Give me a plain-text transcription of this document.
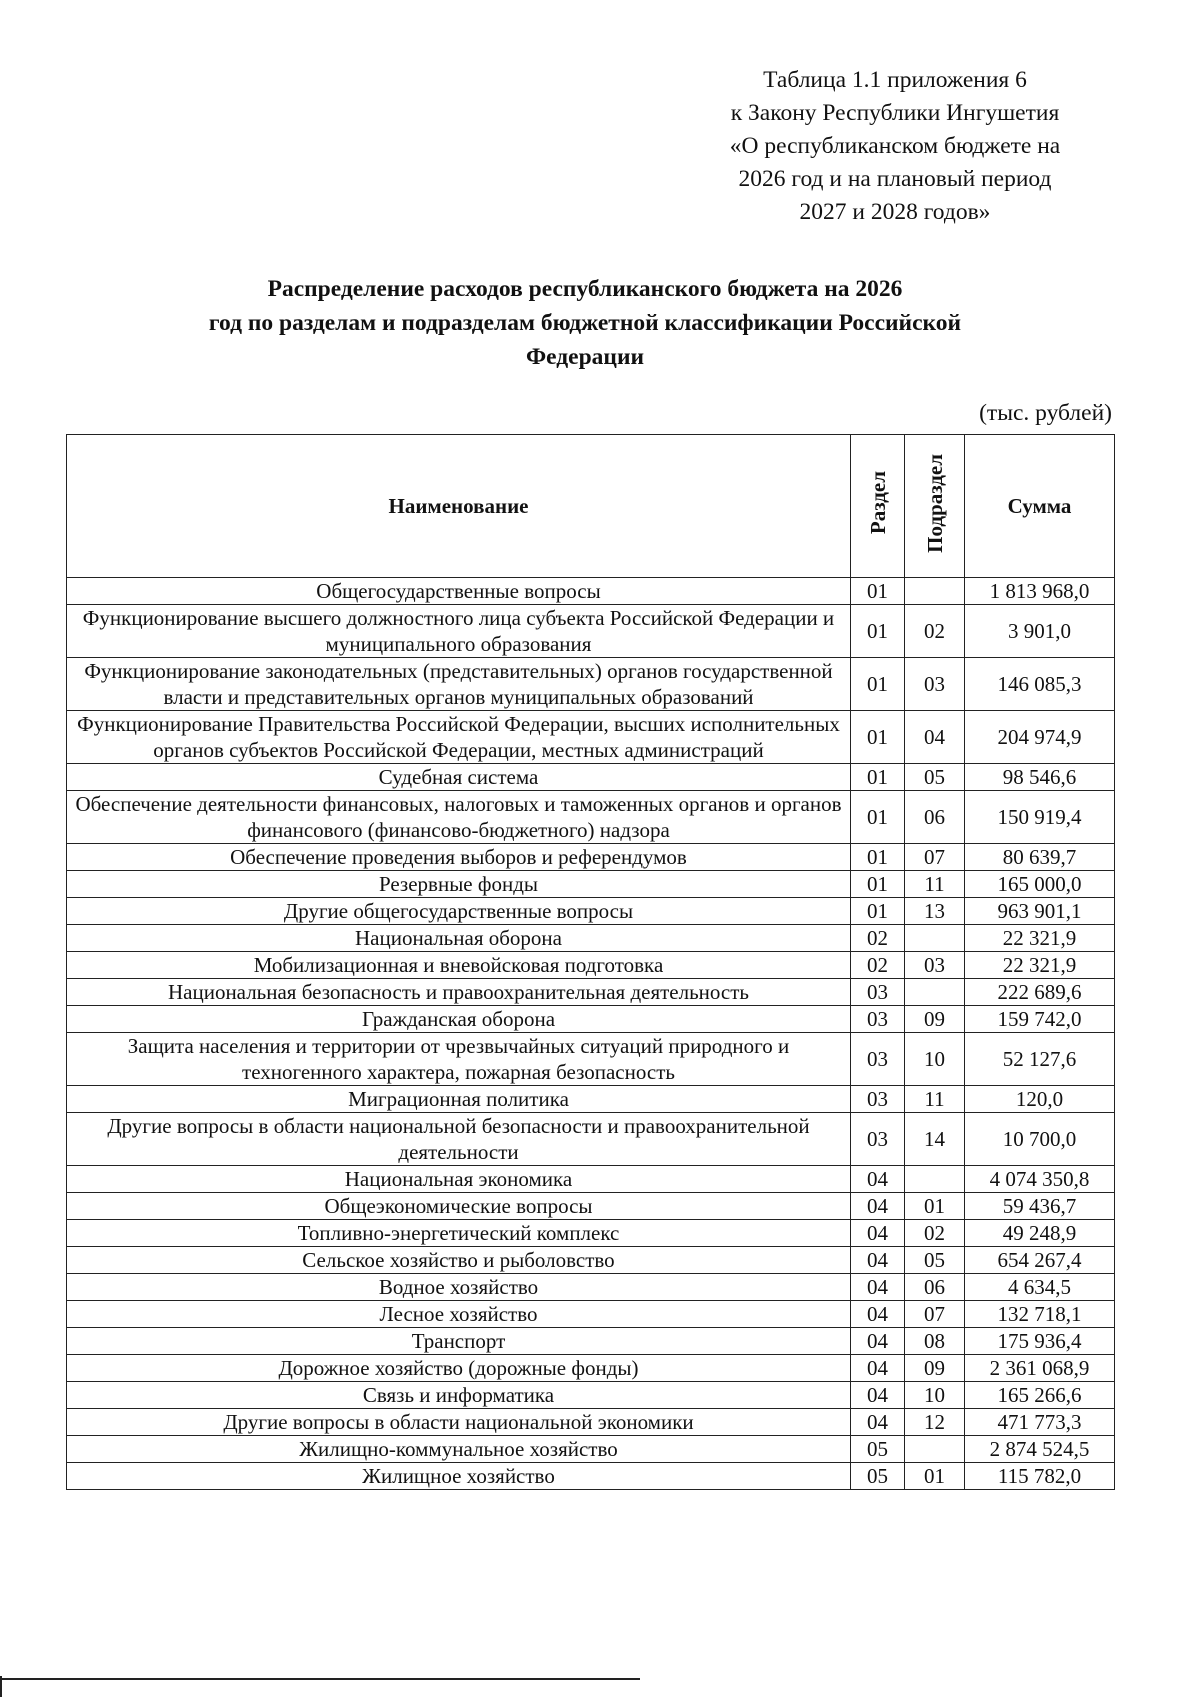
Таблица 1.1 приложения 6
к Закону Республики Ингушетия
«О республиканском бюджете на
2026 год и на плановый период
2027 и 2028 годов»
Распределение расходов республиканского бюджета на 2026
год по разделам и подразделам бюджетной классификации Российской
Федерации
(тыс. рублей)
Наименование	Раздел	Подраздел	Сумма
Общегосударственные вопросы	01		1 813 968,0
Функционирование высшего должностного лица субъекта Российской Федерации и муниципального образования	01	02	3 901,0
Функционирование законодательных (представительных) органов государственной власти и представительных органов муниципальных образований	01	03	146 085,3
Функционирование Правительства Российской Федерации, высших исполнительных органов субъектов Российской Федерации, местных администраций	01	04	204 974,9
Судебная система	01	05	98 546,6
Обеспечение деятельности финансовых, налоговых и таможенных органов и органов финансового (финансово-бюджетного) надзора	01	06	150 919,4
Обеспечение проведения выборов и референдумов	01	07	80 639,7
Резервные фонды	01	11	165 000,0
Другие общегосударственные вопросы	01	13	963 901,1
Национальная оборона	02		22 321,9
Мобилизационная и вневойсковая подготовка	02	03	22 321,9
Национальная безопасность и правоохранительная деятельность	03		222 689,6
Гражданская оборона	03	09	159 742,0
Защита населения и территории от чрезвычайных ситуаций природного и техногенного характера, пожарная безопасность	03	10	52 127,6
Миграционная политика	03	11	120,0
Другие вопросы в области национальной безопасности и правоохранительной деятельности	03	14	10 700,0
Национальная экономика	04		4 074 350,8
Общеэкономические вопросы	04	01	59 436,7
Топливно-энергетический комплекс	04	02	49 248,9
Сельское хозяйство и рыболовство	04	05	654 267,4
Водное хозяйство	04	06	4 634,5
Лесное хозяйство	04	07	132 718,1
Транспорт	04	08	175 936,4
Дорожное хозяйство (дорожные фонды)	04	09	2 361 068,9
Связь и информатика	04	10	165 266,6
Другие вопросы в области национальной экономики	04	12	471 773,3
Жилищно-коммунальное хозяйство	05		2 874 524,5
Жилищное хозяйство	05	01	115 782,0
